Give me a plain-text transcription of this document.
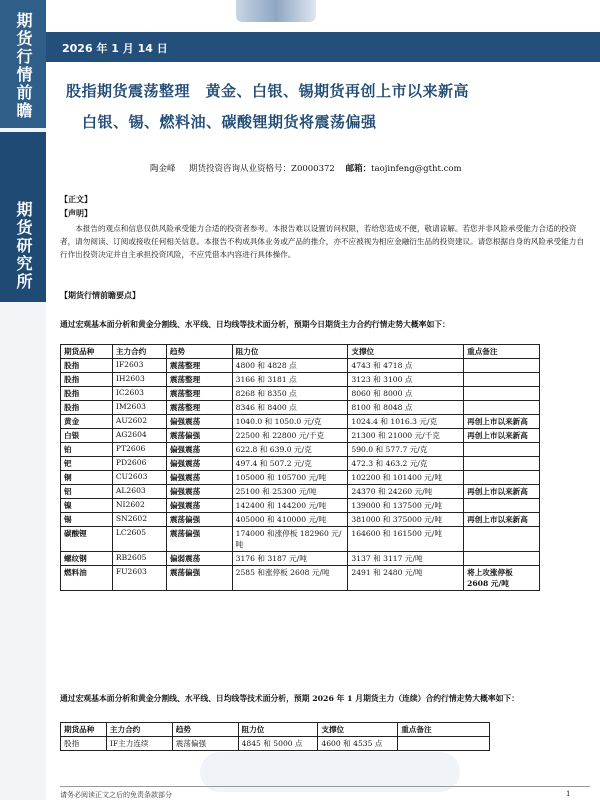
期货行情前瞻
期货研究所
2026 年 1 月 14 日
股指期货震荡整理　黄金、白银、锡期货再创上市以来新高
白银、锡、燃料油、碳酸锂期货将震荡偏强
陶金峰 期货投资咨询从业资格号：Z0000372 邮箱：taojinfeng@gtht.com
【正文】
【声明】
本报告的观点和信息仅供风险承受能力合适的投资者参考。本报告难以设置访问权限，若给您造成不便，敬请谅解。若您并非风险承受能力合适的投资者，请勿阅读、订阅或接收任何相关信息。本报告不构成具体业务或产品的推介，亦不应被视为相应金融衍生品的投资建议。请您根据自身的风险承受能力自行作出投资决定并自主承担投资风险，不应凭借本内容进行具体操作。
【期货行情前瞻要点】
通过宏观基本面分析和黄金分割线、水平线、日均线等技术面分析，预期今日期货主力合约行情走势大概率如下：
期货品种	主力合约	趋势	阻力位	支撑位	重点备注
股指	IF2603	震荡整理	4800 和 4828 点	4743 和 4718 点	
股指	IH2603	震荡整理	3166 和 3181 点	3123 和 3100 点	
股指	IC2603	震荡整理	8268 和 8350 点	8060 和 8000 点	
股指	IM2603	震荡整理	8346 和 8400 点	8100 和 8048 点	
黄金	AU2602	偏强震荡	1040.0 和 1050.0 元/克	1024.4 和 1016.3 元/克	再创上市以来新高
白银	AG2604	震荡偏强	22500 和 22800 元/千克	21300 和 21000 元/千克	再创上市以来新高
铂	PT2606	偏强震荡	622.8 和 639.0 元/克	590.0 和 577.7 元/克	
钯	PD2606	偏强震荡	497.4 和 507.2 元/克	472.3 和 463.2 元/克	
铜	CU2603	偏强震荡	105000 和 105700 元/吨	102200 和 101400 元/吨	
铝	AL2603	偏强震荡	25100 和 25300 元/吨	24370 和 24260 元/吨	再创上市以来新高
镍	NI2602	偏强震荡	142400 和 144200 元/吨	139000 和 137500 元/吨	
锡	SN2602	震荡偏强	405000 和 410000 元/吨	381000 和 375000 元/吨	再创上市以来新高
碳酸锂	LC2605	震荡偏强	174000 和涨停板 182960 元/吨	164600 和 161500 元/吨	
螺纹钢	RB2605	偏弱震荡	3176 和 3187 元/吨	3137 和 3117 元/吨	
燃料油	FU2603	震荡偏强	2585 和涨停板 2608 元/吨	2491 和 2480 元/吨	将上攻涨停板 2608 元/吨
通过宏观基本面分析和黄金分割线、水平线、日均线等技术面分析，预期 2026 年 1 月期货主力（连续）合约行情走势大概率如下：
期货品种	主力合约	趋势	阻力位	支撑位	重点备注
股指	IF主力连续	震荡偏强	4845 和 5000 点	4600 和 4535 点	
请务必阅读正文之后的免责条款部分	1
